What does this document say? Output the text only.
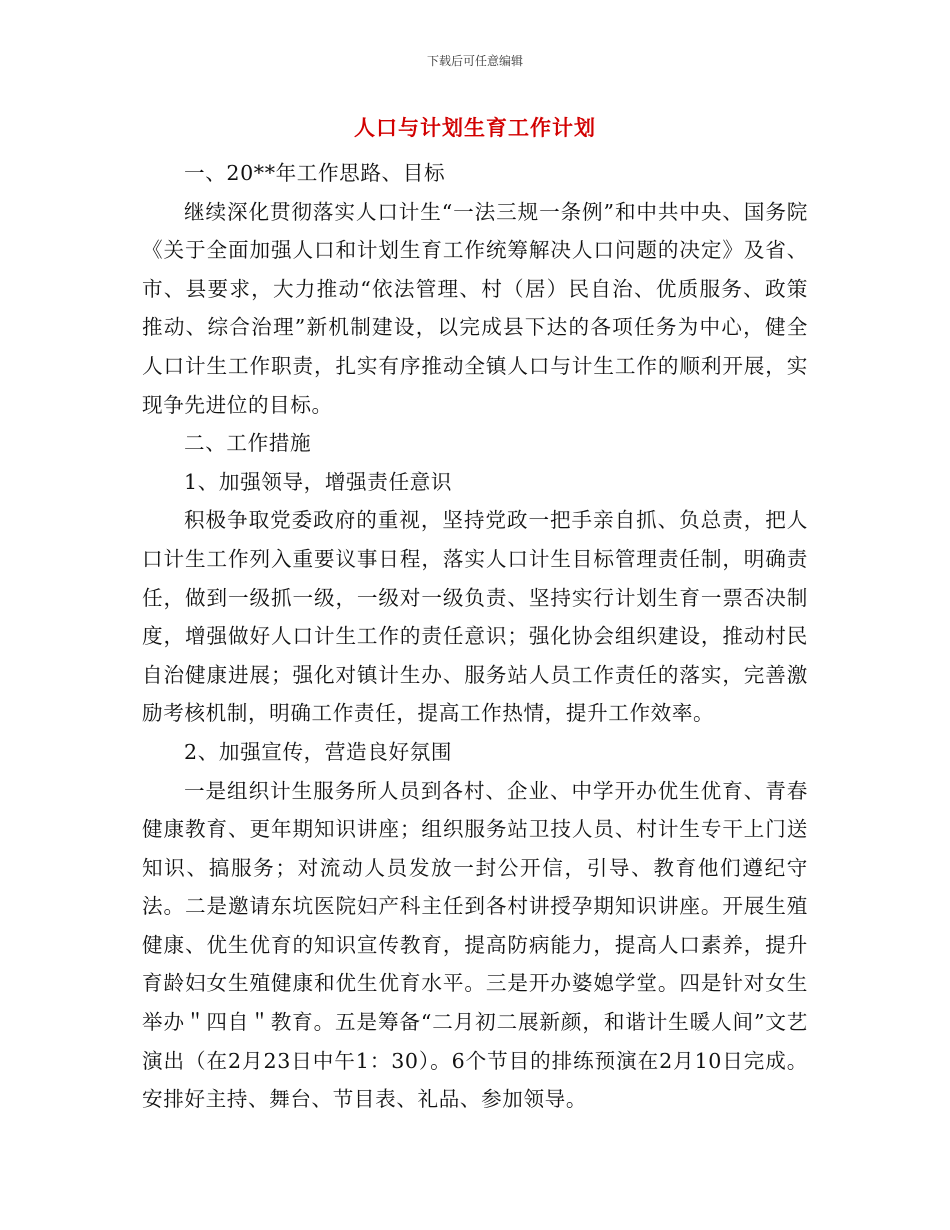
下载后可任意编辑
人口与计划生育工作计划

一、20**年工作思路、目标

继续深化贯彻落实人口计生“一法三规一条例”和中共中央、国务院《关于全面加强人口和计划生育工作统筹解决人口问题的决定》及省、市、县要求，大力推动“依法管理、村（居）民自治、优质服务、政策推动、综合治理”新机制建设，以完成县下达的各项任务为中心，健全人口计生工作职责，扎实有序推动全镇人口与计生工作的顺利开展，实现争先进位的目标。

二、工作措施

1、加强领导，增强责任意识

积极争取党委政府的重视，坚持党政一把手亲自抓、负总责，把人口计生工作列入重要议事日程，落实人口计生目标管理责任制，明确责任，做到一级抓一级，一级对一级负责、坚持实行计划生育一票否决制度，增强做好人口计生工作的责任意识；强化协会组织建设，推动村民自治健康进展；强化对镇计生办、服务站人员工作责任的落实，完善激励考核机制，明确工作责任，提高工作热情，提升工作效率。

2、加强宣传，营造良好氛围

一是组织计生服务所人员到各村、企业、中学开办优生优育、青春健康教育、更年期知识讲座；组织服务站卫技人员、村计生专干上门送知识、搞服务；对流动人员发放一封公开信，引导、教育他们遵纪守法。二是邀请东坑医院妇产科主任到各村讲授孕期知识讲座。开展生殖健康、优生优育的知识宣传教育，提高防病能力，提高人口素养，提升育龄妇女生殖健康和优生优育水平。三是开办婆媳学堂。四是针对女生举办＂四自＂教育。五是筹备“二月初二展新颜，和谐计生暖人间”文艺演出（在2月23日中午1：30）。6个节目的排练预演在2月10日完成。安排好主持、舞台、节目表、礼品、参加领导。
